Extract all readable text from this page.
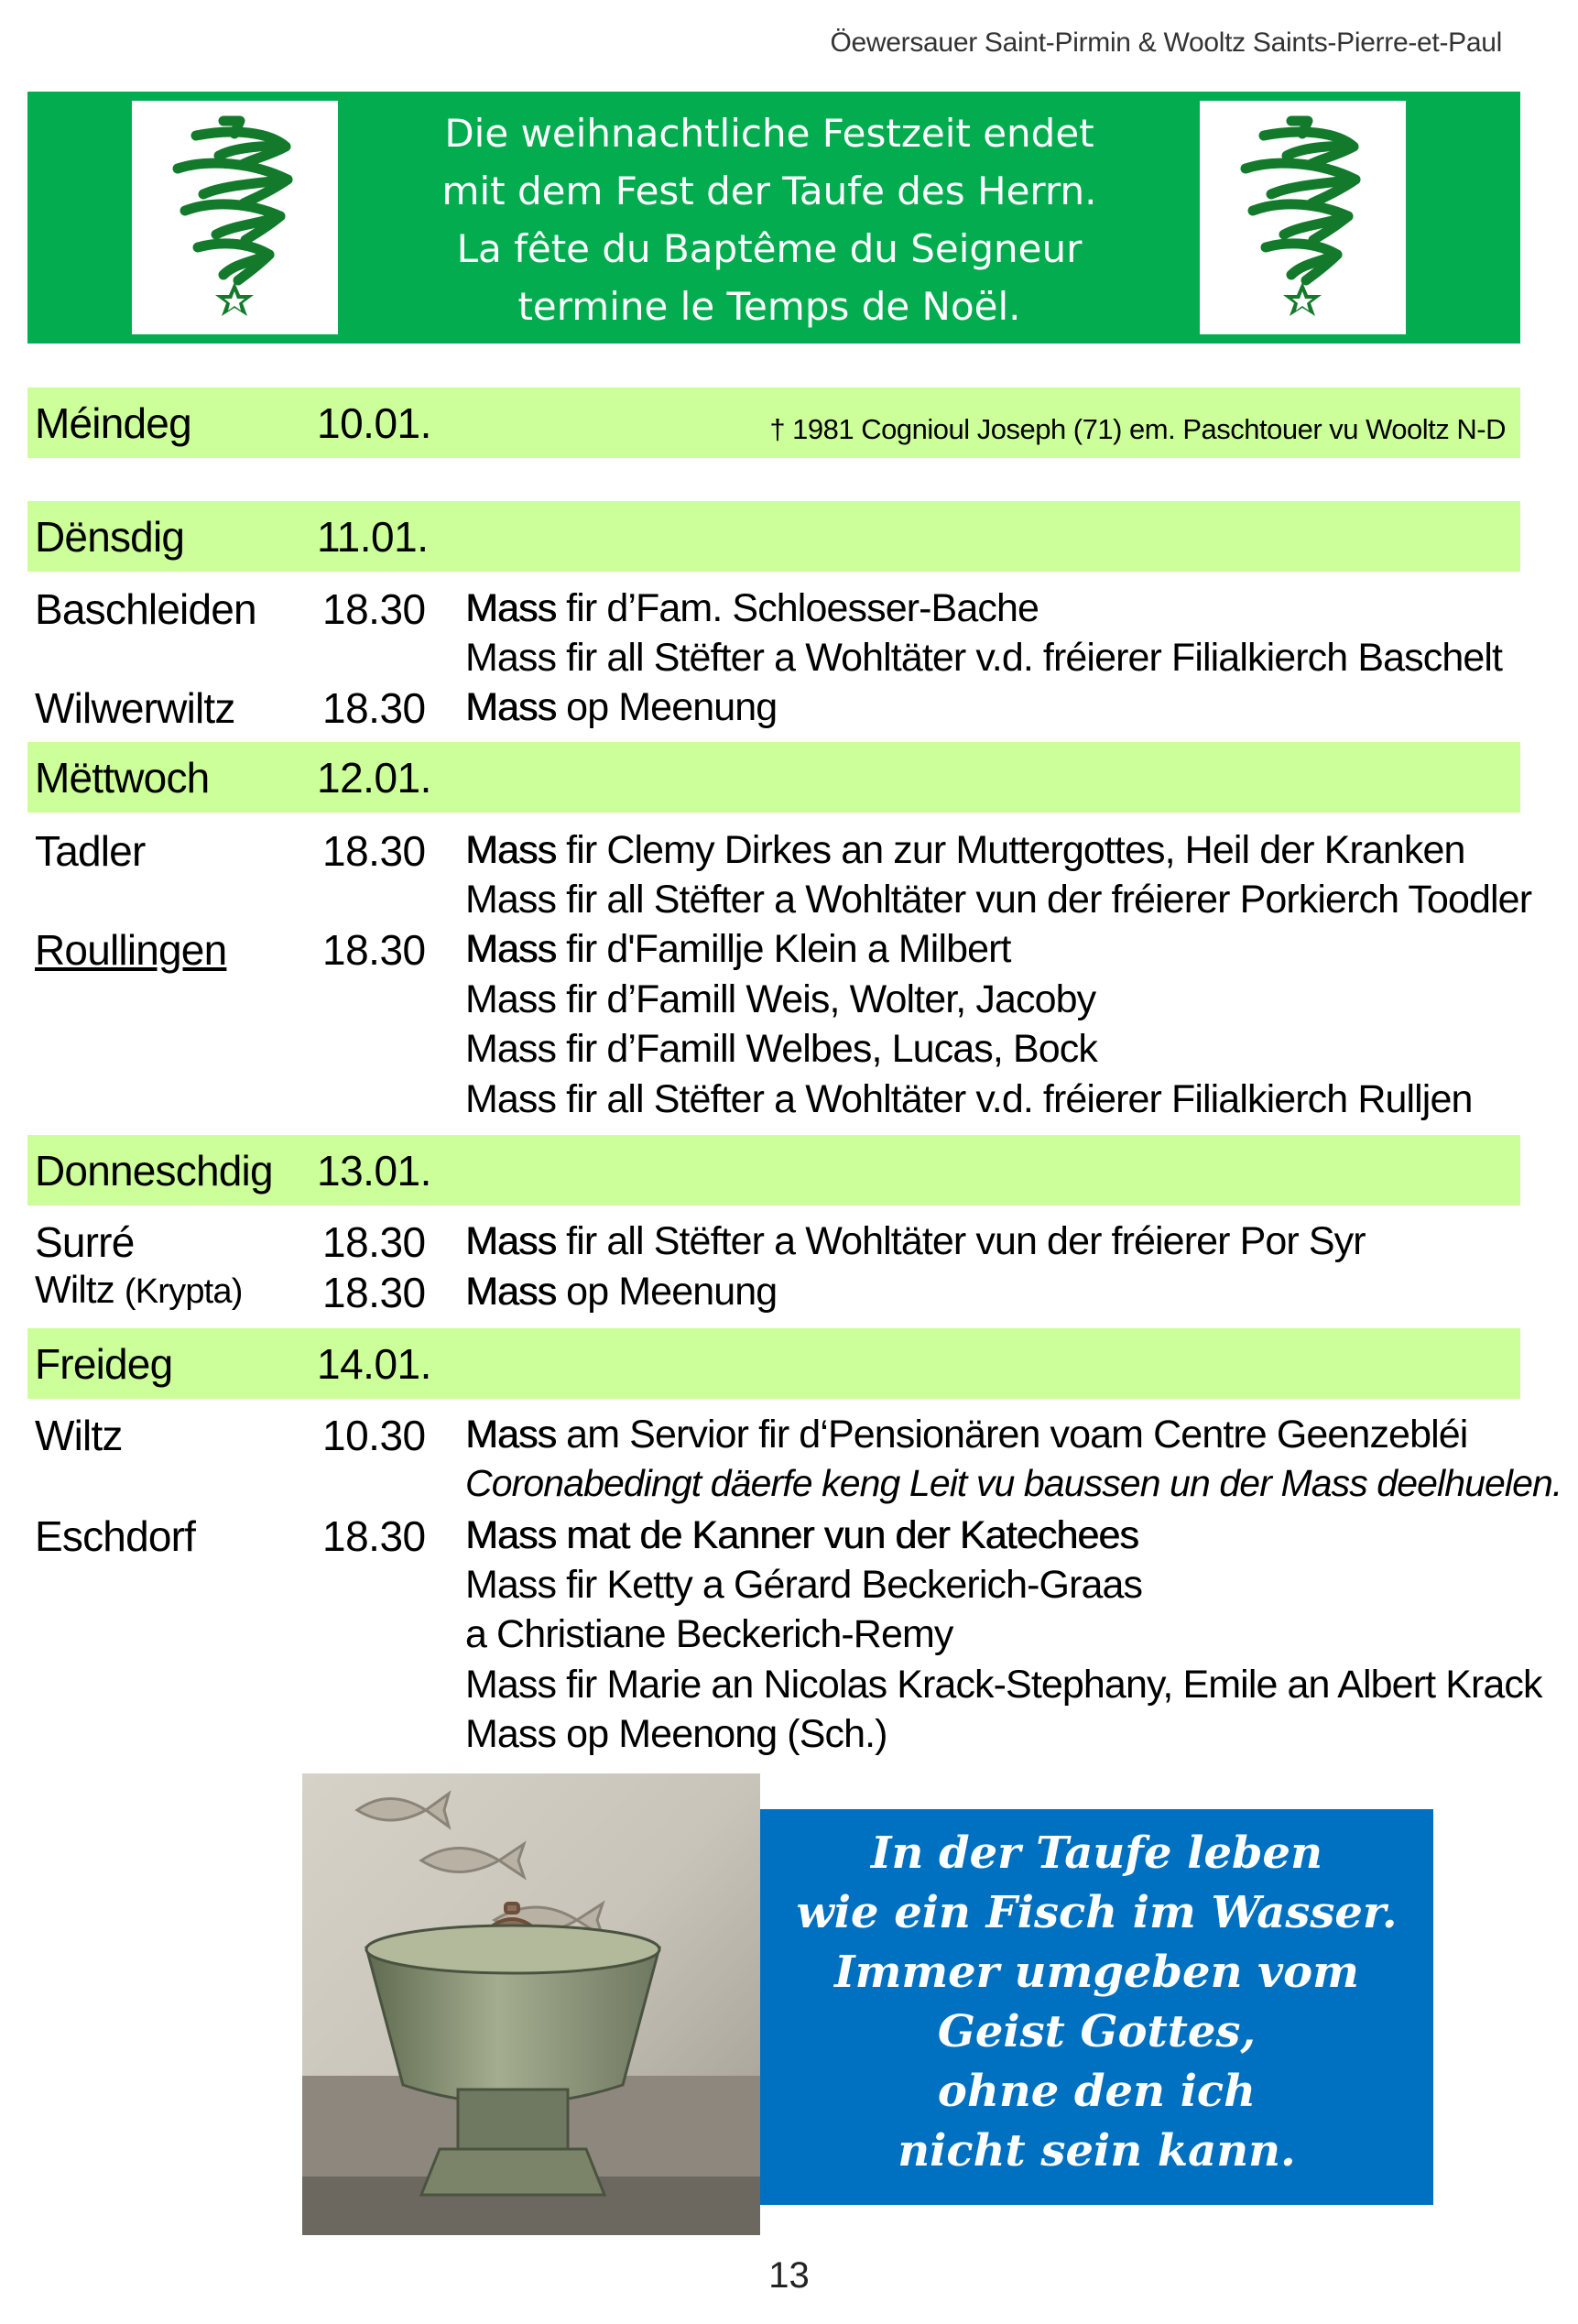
Öewersauer Saint-Pirmin & Wooltz Saints-Pierre-et-Paul
Die weihnachtliche Festzeit endet
mit dem Fest der Taufe des Herrn.
La fête du Baptême du Seigneur
termine le Temps de Noël.
Méindeg	10.01.	† 1981 Cognioul Joseph (71) em. Paschtouer vu Wooltz N-D
Dënsdig	11.01.
Baschleiden 18.30 Mass fir d’Fam. Schloesser-Bache
Mass fir all Stëfter a Wohltäter v.d. fréierer Filialkierch Baschelt
Wilwerwiltz 18.30 Mass op Meenung
Mëttwoch	12.01.
Tadler	18.30 Mass fir Clemy Dirkes an zur Muttergottes, Heil der Kranken
Mass fir all Stëfter a Wohltäter vun der fréierer Porkierch Toodler
Roullingen 18.30 Mass fir d'Famillje Klein a Milbert
Mass fir d’Famill Weis, Wolter, Jacoby
Mass fir d’Famill Welbes, Lucas, Bock
Mass fir all Stëfter a Wohltäter v.d. fréierer Filialkierch Rulljen
Donneschdig 13.01.
Surré	18.30 Mass fir all Stëfter a Wohltäter vun der fréierer Por Syr
Wiltz (Krypta) 18.30 Mass op Meenung
Freideg	14.01.
Wiltz	10.30 Mass am Servior fir d‘Pensionären voam Centre Geenzebléi
Coronabedingt däerfe keng Leit vu baussen un der Mass deelhuelen.
Eschdorf	18.30 Mass mat de Kanner vun der Katechees
Mass fir Ketty a Gérard Beckerich-Graas
a Christiane Beckerich-Remy
Mass fir Marie an Nicolas Krack-Stephany, Emile an Albert Krack
Mass op Meenong (Sch.)
In der Taufe leben
wie ein Fisch im Wasser.
Immer umgeben vom
Geist Gottes,
ohne den ich
nicht sein kann.
13
